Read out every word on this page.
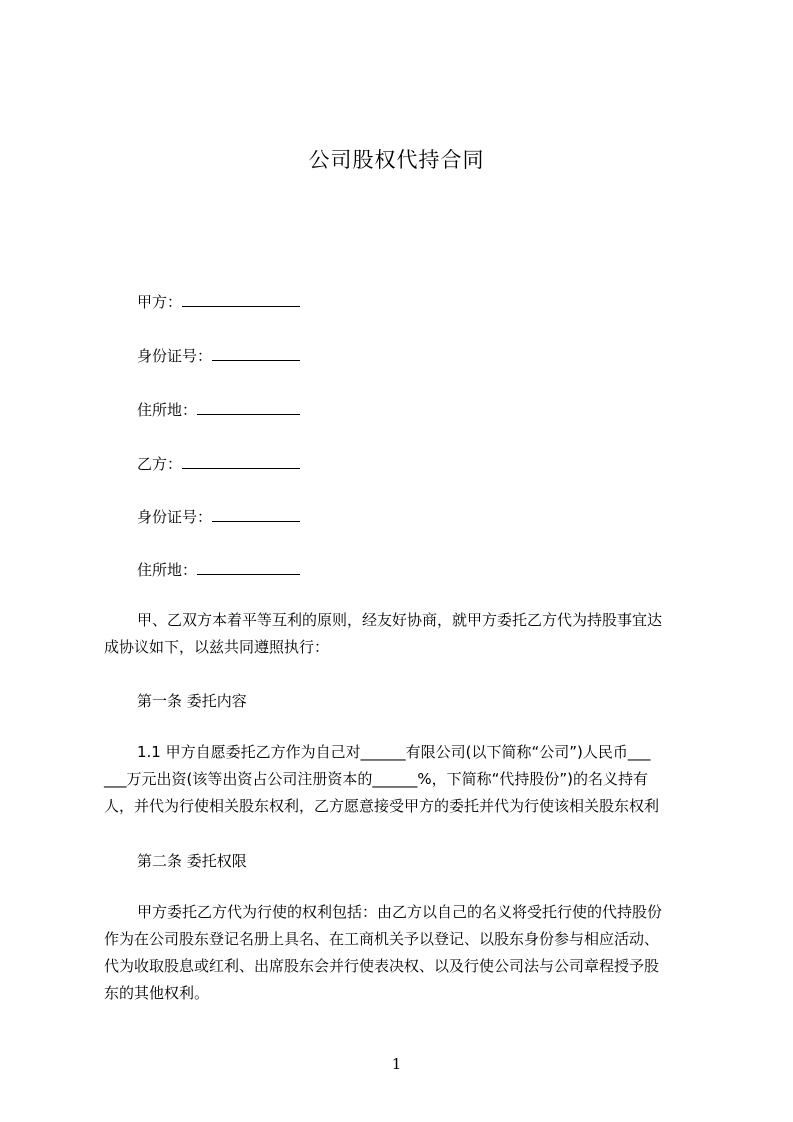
公司股权代持合同
甲方：
身份证号：
住所地：
乙方：
身份证号：
住所地：
甲、乙双方本着平等互利的原则，经友好协商，就甲方委托乙方代为持股事宜达
成协议如下，以兹共同遵照执行：
第一条 委托内容
1.1 甲方自愿委托乙方作为自己对______有限公司(以下简称“公司”)人民币___
___万元出资(该等出资占公司注册资本的______%，下简称“代持股份”)的名义持有
人，并代为行使相关股东权利，乙方愿意接受甲方的委托并代为行使该相关股东权利
第二条 委托权限
甲方委托乙方代为行使的权利包括：由乙方以自己的名义将受托行使的代持股份
作为在公司股东登记名册上具名、在工商机关予以登记、以股东身份参与相应活动、
代为收取股息或红利、出席股东会并行使表决权、以及行使公司法与公司章程授予股
东的其他权利。
1
